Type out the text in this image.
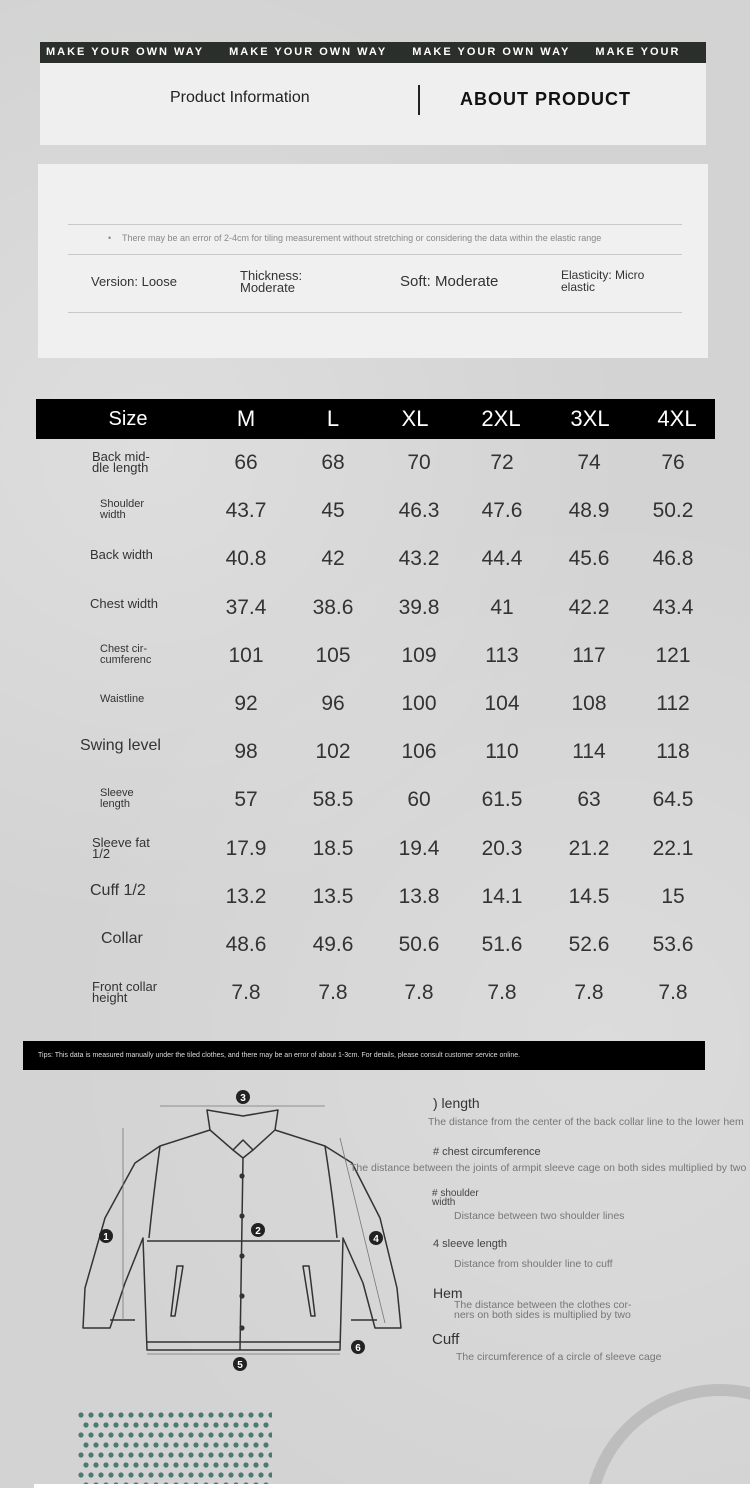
MAKE YOUR OWN WAY MAKE YOUR OWN WAY MAKE YOUR OWN WAY MAKE YOUR
Product Information	ABOUT PRODUCT
• There may be an error of 2-4cm for tiling measurement without stretching or considering the data within the elastic range
Version: Loose	Thickness:
Moderate	Soft: Moderate	Elasticity: Micro
elastic
Size	M	L	XL	2XL	3XL	4XL
Back mid-
dle length	66	68	70	72	74	76
Shoulder
width	43.7	45	46.3	47.6	48.9	50.2
Back width	40.8	42	43.2	44.4	45.6	46.8
Chest width	37.4	38.6	39.8	41	42.2	43.4
Chest cir-
cumferenc	101	105	109	113	117	121
Waistline	92	96	100	104	108	112
Swing level	98	102	106	110	114	118
Sleeve
length	57	58.5	60	61.5	63	64.5
Sleeve fat
1/2	17.9	18.5	19.4	20.3	21.2	22.1
Cuff 1/2	13.2	13.5	13.8	14.1	14.5	15
Collar	48.6	49.6	50.6	51.6	52.6	53.6
Front collar
height	7.8	7.8	7.8	7.8	7.8	7.8
Tips: This data is measured manually under the tiled clothes, and there may be an error of about 1-3cm. For details, please consult customer service online.
1
2
3
4
5
6
) length
The distance from the center of the back collar line to the lower hem
# chest circumference
The distance between the joints of armpit sleeve cage on both sides multiplied by two
# shoulder
width
Distance between two shoulder lines
4 sleeve length
Distance from shoulder line to cuff
Hem
The distance between the clothes cor-
ners on both sides is multiplied by two
Cuff
The circumference of a circle of sleeve cage
